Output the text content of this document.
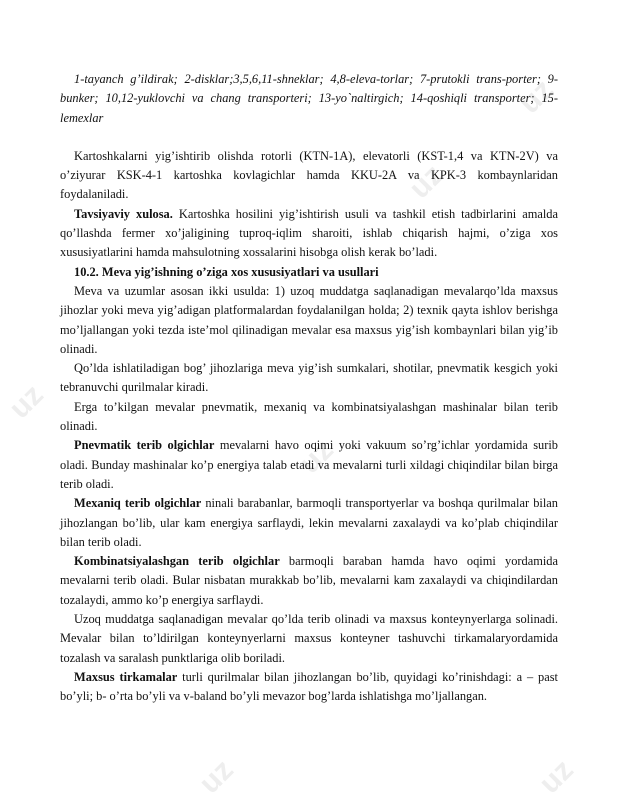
uz
uz
uz
uz
uz	uz

1-tayanch g’ildirak; 2-disklar;3,5,6,11-shneklar; 4,8-eleva-torlar; 7-prutokli trans-porter; 9- bunker; 10,12-yuklovchi va chang transporteri; 13-yo`naltirgich; 14-qoshiqli transporter; 15-lemexlar

Kartoshkalarni yig’ishtirib olishda rotorli (KTN-1A), elevatorli (KST-1,4 va KTN-2V) va o’ziyurar KSK-4-1 kartoshka kovlagichlar hamda KKU-2A va KPK-3 kombaynlaridan foydalaniladi.

Tavsiyaviy xulosa. Kartoshka hosilini yig’ishtirish usuli va tashkil etish tadbirlarini amalda qo’llashda fermer xo’jaligining tuproq-iqlim sharoiti, ishlab chiqarish hajmi, o’ziga xos xususiyatlarini hamda mahsulotning xossalarini hisobga olish kerak bo’ladi.

10.2. Meva yig’ishning o’ziga xos xususiyatlari va usullari

Meva va uzumlar asosan ikki usulda: 1) uzoq muddatga saqlanadigan mevalarqo’lda maxsus jihozlar yoki meva yig’adigan platformalardan foydalanilgan holda; 2) texnik qayta ishlov berishga mo’ljallangan yoki tezda iste’mol qilinadigan mevalar esa maxsus yig’ish kombaynlari bilan yig’ib olinadi.

Qo’lda ishlatiladigan bog’ jihozlariga meva yig’ish sumkalari, shotilar, pnevmatik kesgich yoki tebranuvchi qurilmalar kiradi.

Erga to’kilgan mevalar pnevmatik, mexaniq va kombinatsiyalashgan mashinalar bilan terib olinadi.

Pnevmatik terib olgichlar mevalarni havo oqimi yoki vakuum so’rg’ichlar yordamida surib oladi. Bunday mashinalar ko’p energiya talab etadi va mevalarni turli xildagi chiqindilar bilan birga terib oladi.

Mexaniq terib olgichlar ninali barabanlar, barmoqli transportyerlar va boshqa qurilmalar bilan jihozlangan bo’lib, ular kam energiya sarflaydi, lekin mevalarni zaxalaydi va ko’plab chiqindilar bilan terib oladi.

Kombinatsiyalashgan terib olgichlar barmoqli baraban hamda havo oqimi yordamida mevalarni terib oladi. Bular nisbatan murakkab bo’lib, mevalarni kam zaxalaydi va chiqindilardan tozalaydi, ammo ko’p energiya sarflaydi.

Uzoq muddatga saqlanadigan mevalar qo’lda terib olinadi va maxsus konteynyerlarga solinadi. Mevalar bilan to’ldirilgan konteynyerlarni maxsus konteyner tashuvchi tirkamalaryordamida tozalash va saralash punktlariga olib boriladi.

Maxsus tirkamalar turli qurilmalar bilan jihozlangan bo’lib, quyidagi ko’rinishdagi: a – past bo’yli; b- o’rta bo’yli va v-baland bo’yli mevazor bog’larda ishlatishga mo’ljallangan.
